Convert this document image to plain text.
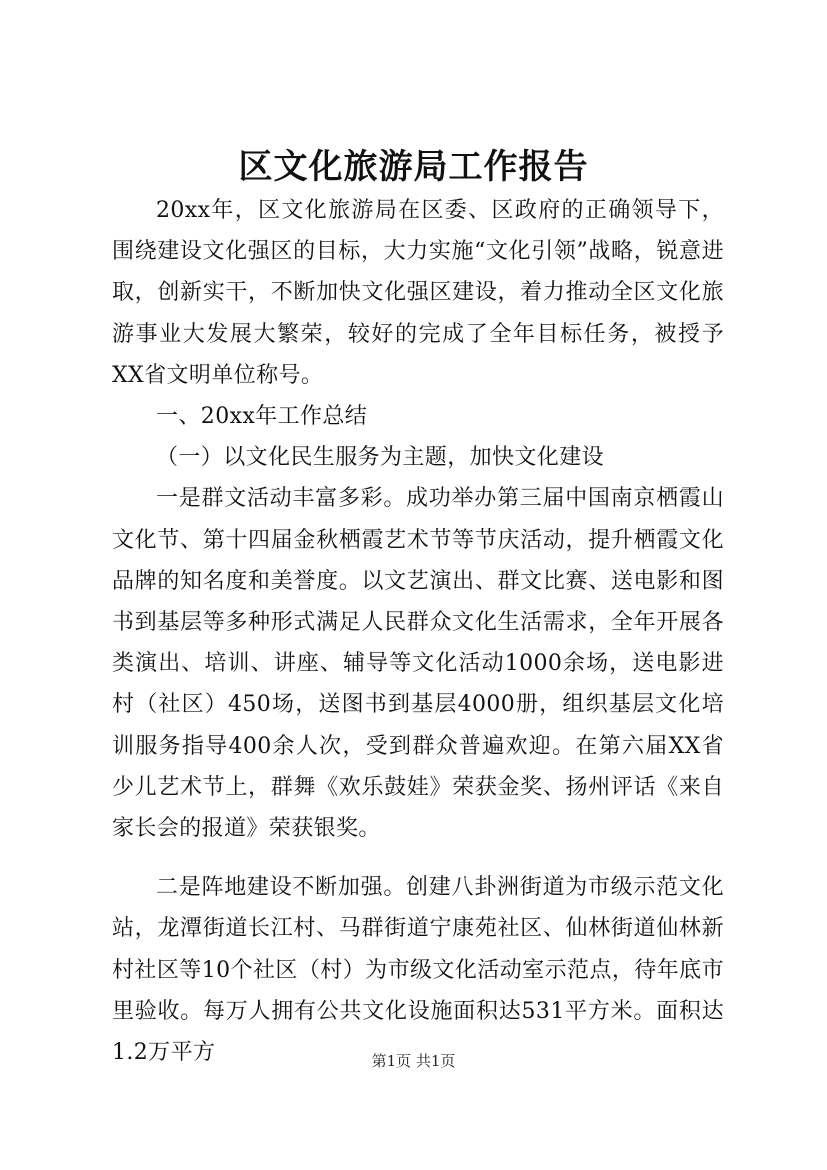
区文化旅游局工作报告

20xx年，区文化旅游局在区委、区政府的正确领导下，围绕建设文化强区的目标，大力实施“文化引领”战略，锐意进取，创新实干，不断加快文化强区建设，着力推动全区文化旅游事业大发展大繁荣，较好的完成了全年目标任务，被授予XX省文明单位称号。

一、20xx年工作总结

（一）以文化民生服务为主题，加快文化建设

一是群文活动丰富多彩。成功举办第三届中国南京栖霞山文化节、第十四届金秋栖霞艺术节等节庆活动，提升栖霞文化品牌的知名度和美誉度。以文艺演出、群文比赛、送电影和图书到基层等多种形式满足人民群众文化生活需求，全年开展各类演出、培训、讲座、辅导等文化活动1000余场，送电影进村（社区）450场，送图书到基层4000册，组织基层文化培训服务指导400余人次，受到群众普遍欢迎。在第六届XX省少儿艺术节上，群舞《欢乐鼓娃》荣获金奖、扬州评话《来自家长会的报道》荣获银奖。

二是阵地建设不断加强。创建八卦洲街道为市级示范文化站，龙潭街道长江村、马群街道宁康苑社区、仙林街道仙林新村社区等10个社区（村）为市级文化活动室示范点，待年底市里验收。每万人拥有公共文化设施面积达531平方米。面积达1.2万平方	第1页 共1页
